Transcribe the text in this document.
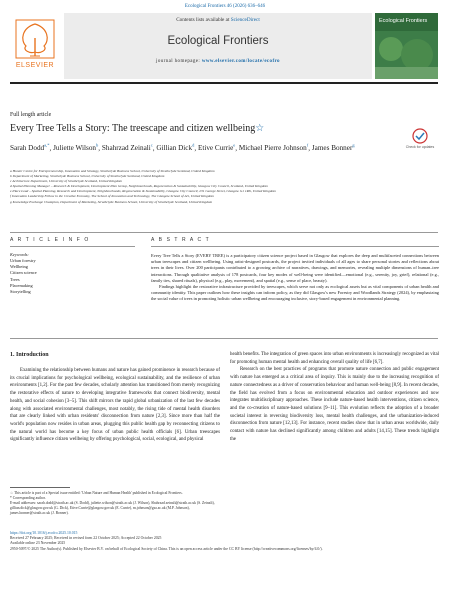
Ecological Frontiers 46 (2026) 636–646
ELSEVIER
Contents lists available at ScienceDirect
Ecological Frontiers
journal homepage: www.elsevier.com/locate/ecofro
Ecological Frontiers
Full length article
Every Tree Tells a Story: The treescape and citizen wellbeing☆
Check for updates
Sarah Dodd$^{a,*}$, Juliette Wilson$^b$, Shahrzad Zeinali$^c$, Gillian Dick$^d$, Etive Currie$^e$, Michael Pierre Johnson$^f$, James Bonner$^g$
a Hunter Centre for Entrepreneurship, Innovation and Strategy, Strathclyde Business School, University of Strathclyde Scotland, United Kingdom
b Department of Marketing, Strathclyde Business School, University of Strathclyde Scotland, United Kingdom
c Architecture Department, University of Strathclyde Scotland, United Kingdom
d Spatial Planning Manager – Research & Development, Development Plan Group, Neighbourhoods, Regeneration & Sustainability, Glasgow City Council, Scotland, United Kingdom
e Place Lead – Spatial Planning, Research and Development, Neighbourhoods, Regeneration & Sustainability, Glasgow City Council, 231 George Street, Glasgow G1 1RX, United Kingdom
f Innovation Leadership Fellow in the Creative Economy, The School of Innovation and Technology, The Glasgow School of Art, United Kingdom
g Knowledge Exchange Champion, Department of Marketing, Strathclyde Business School, University of Strathclyde Scotland, United Kingdom
A R T I C L E I N F O
Keywords:
Urban forestry
Wellbeing
Citizen science
Trees
Placemaking
Storytelling
A B S T R A C T
Every Tree Tells a Story (EVERY TREE) is a participatory citizen science project based in Glasgow that explores the deep and multifaceted connections between urban treescapes and citizen wellbeing. Using artist-designed postcards, the project invited individuals of all ages to share personal stories and reflections about trees in their lives. Over 200 participants contributed to a growing archive of narratives, drawings, and memories, revealing multiple dimensions of human–tree interactions. Through qualitative analysis of 178 postcards, four key modes of well-being were identified—emotional (e.g., serenity, joy, grief), relational (e.g., family ties, shared rituals), physical (e.g., play, movement), and spatial (e.g., sense of place, beauty).
Findings highlight the restorative infrastructure provided by treescapes, which serve not only as ecological assets but as vital components of urban health and community identity. This paper outlines how these insights can inform policy, as they did Glasgow's new Forestry and Woodlands Strategy (2024), by emphasizing the social value of trees in promoting holistic urban wellbeing and encouraging inclusive, story-based engagement in environmental planning.
1. Introduction

Examining the relationship between humans and nature has gained prominence in research because of its crucial implications for psychological wellbeing, ecological sustainability, and the resilience of urban environments [1,2]. For the past few decades, scholarly attention has transitioned from merely recognizing the restorative effects of nature to developing integrative frameworks that connect biodiversity, mental health, and social cohesion [3–5]. This shift mirrors the rapid global urbanization of the last few decades along with associated environmental challenges, most notably, the rising tide of mental health disorders that are clearly linked with urban residents' disconnection from nature [2,3]. Since more than half the world's population now resides in urban areas, plugging this public health gap by reconnecting citizens to the natural world has become a key focus of urban public health officials [6]. Urban treescapes significantly influence citizen wellbeing by offering psychological, social, ecological, and physical

health benefits. The integration of green spaces into urban environments is increasingly recognized as vital for promoting human mental health and enhancing overall quality of life [6,7].

Research on the best practices of programs that promote nature connection and public engagement with nature has emerged as a critical area of inquiry. This is mainly due to the increasing recognition of nature connectedness as a driver of conservation behaviour and human well-being [8,9]. In recent decades, the field has evolved from a focus on environmental education and outdoor experiences and now integrates multidisciplinary approaches. These include nature-based health interventions, citizen science, and the co-creation of nature-based solutions [9–11]. This evolution reflects the adoption of a broader societal interest in reversing biodiversity loss, mental health challenges, and the urbanization-induced disconnection from nature [12,13]. For instance, recent studies show that in urban areas worldwide, daily contact with nature has declined significantly among children and adults [14,15]. These trends highlight the

☆ This article is part of a Special issue entitled: 'Urban Nature and Human Health' published in Ecological Frontiers.
* Corresponding author.
E-mail addresses: sarah.dodd@strath.ac.uk (S. Dodd), juliette.wilson@strath.ac.uk (J. Wilson), Shahrzad.zeinali@strath.ac.uk (S. Zeinali), gillian.dick@glasgow.gov.uk (G. Dick), Etive.Currie@glasgow.gov.uk (E. Currie), m.johnson@gsa.ac.uk (M.P. Johnson), james.bonner@strath.ac.uk (J. Bonner).
https://doi.org/10.1016/j.ecofro.2025.10.015
Received 27 February 2025; Received in revised form 22 October 2025; Accepted 22 October 2025
Available online 23 November 2025
2950-5097/© 2025 The Author(s). Published by Elsevier B.V. on behalf of Ecological Society of China. This is an open access article under the CC BY license (http://creativecommons.org/licenses/by/4.0/).
